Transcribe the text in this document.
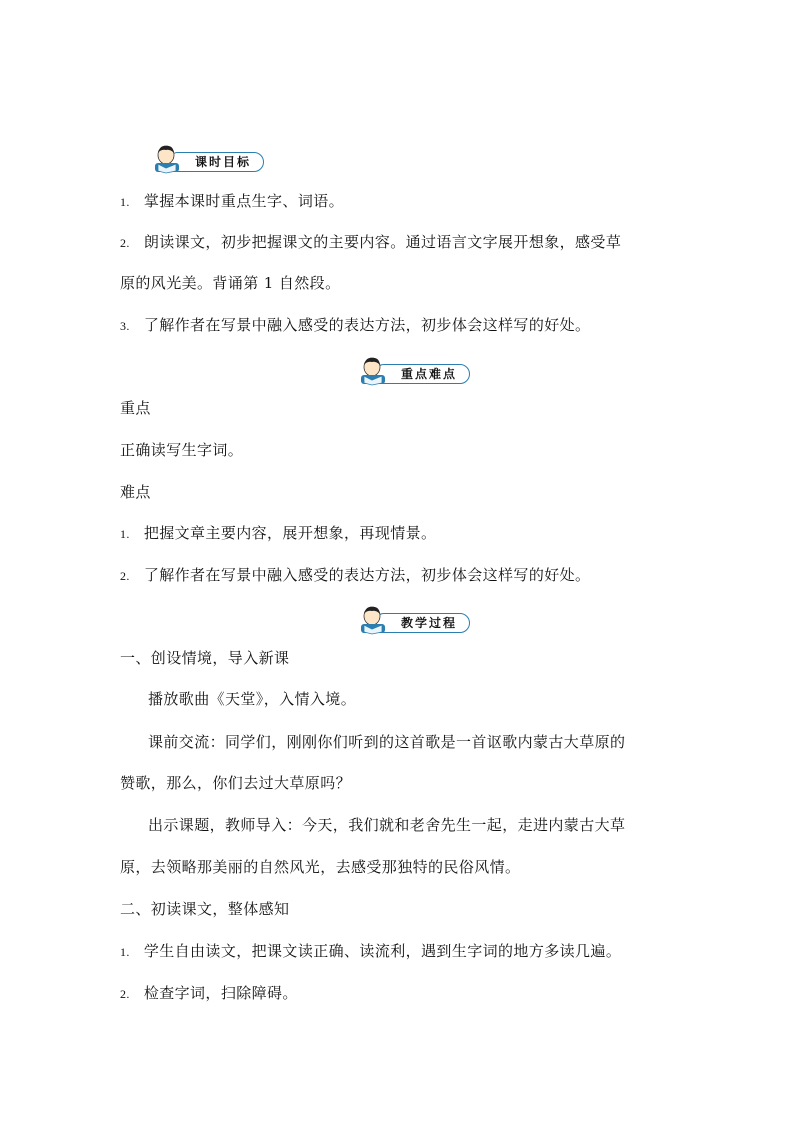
课时目标
1. 掌握本课时重点生字、词语。
2. 朗读课文，初步把握课文的主要内容。通过语言文字展开想象，感受草
原的风光美。背诵第 1 自然段。
3. 了解作者在写景中融入感受的表达方法，初步体会这样写的好处。
重点难点
重点
正确读写生字词。
难点
1. 把握文章主要内容，展开想象，再现情景。
2. 了解作者在写景中融入感受的表达方法，初步体会这样写的好处。
教学过程
一、创设情境，导入新课
播放歌曲《天堂》，入情入境。
课前交流：同学们，刚刚你们听到的这首歌是一首讴歌内蒙古大草原的
赞歌，那么，你们去过大草原吗？
出示课题，教师导入：今天，我们就和老舍先生一起，走进内蒙古大草
原，去领略那美丽的自然风光，去感受那独特的民俗风情。
二、初读课文，整体感知
1. 学生自由读文，把课文读正确、读流利，遇到生字词的地方多读几遍。
2. 检查字词，扫除障碍。
